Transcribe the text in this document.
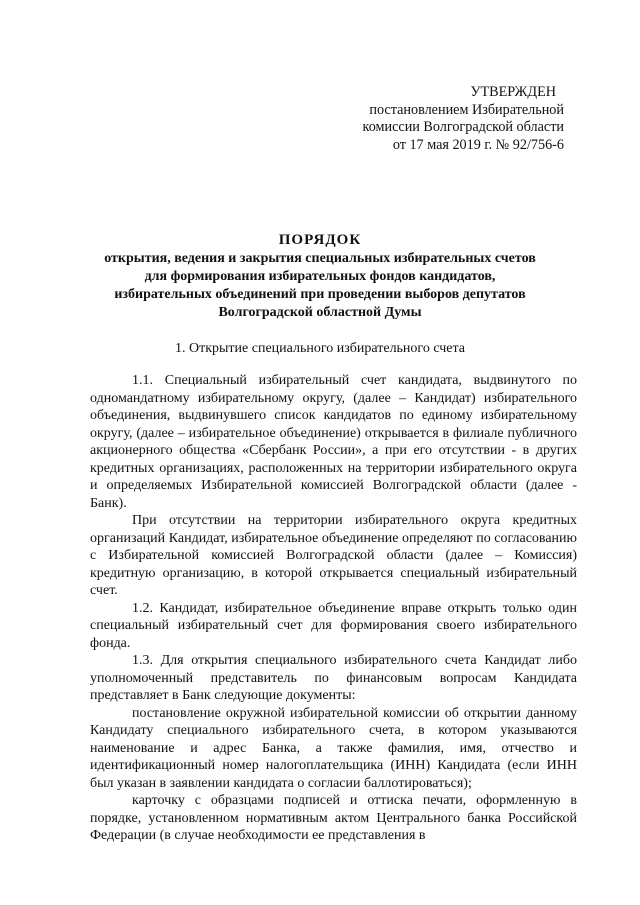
УТВЕРЖДЕН
постановлением Избирательной
комиссии Волгоградской области
от 17 мая 2019 г. № 92/756-6
ПОРЯДОК
открытия, ведения и закрытия специальных избирательных счетов
для формирования избирательных фондов кандидатов,
избирательных объединений при проведении выборов депутатов
Волгоградской областной Думы
1. Открытие специального избирательного счета

1.1. Специальный избирательный счет кандидата, выдвинутого по одномандатному избирательному округу, (далее – Кандидат) избирательного объединения, выдвинувшего список кандидатов по единому избирательному округу, (далее – избирательное объединение) открывается в филиале публичного акционерного общества «Сбербанк России», а при его отсутствии - в других кредитных организациях, расположенных на территории избирательного округа и определяемых Избирательной комиссией Волгоградской области (далее - Банк).

При отсутствии на территории избирательного округа кредитных организаций Кандидат, избирательное объединение определяют по согласованию с Избирательной комиссией Волгоградской области (далее – Комиссия) кредитную организацию, в которой открывается специальный избирательный счет.

1.2. Кандидат, избирательное объединение вправе открыть только один специальный избирательный счет для формирования своего избирательного фонда.

1.3. Для открытия специального избирательного счета Кандидат либо уполномоченный представитель по финансовым вопросам Кандидата представляет в Банк следующие документы:

постановление окружной избирательной комиссии об открытии данному Кандидату специального избирательного счета, в котором указываются наименование и адрес Банка, а также фамилия, имя, отчество и идентификационный номер налогоплательщика (ИНН) Кандидата (если ИНН был указан в заявлении кандидата о согласии баллотироваться);

карточку с образцами подписей и оттиска печати, оформленную в порядке, установленном нормативным актом Центрального банка Российской Федерации (в случае необходимости ее представления в
